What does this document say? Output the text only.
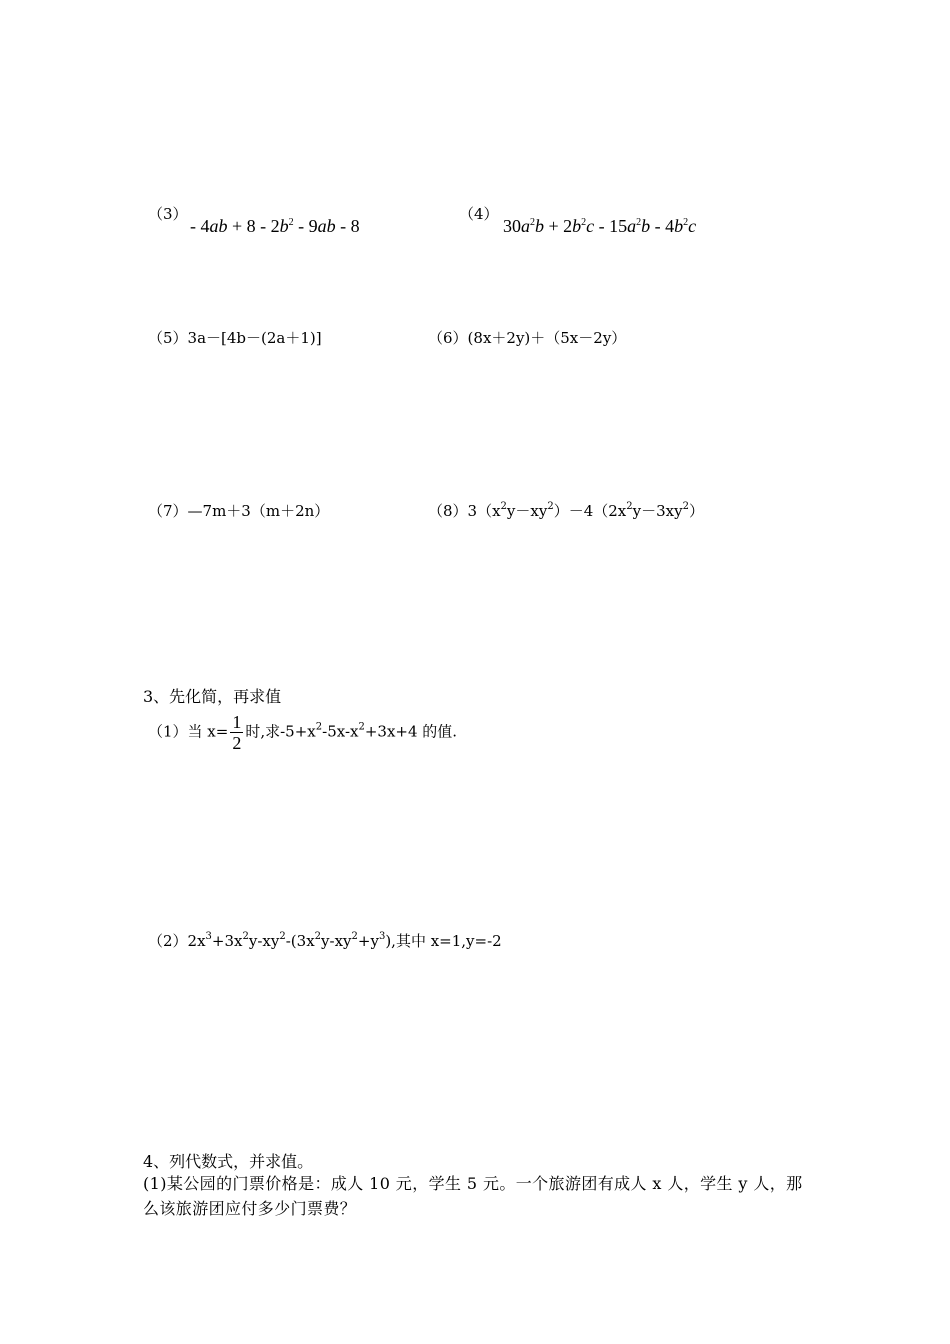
（3）
- $4ab + 8 - 2b^2 - 9ab - 8$
（4）
$30a^2b + 2b^2c - 15a^2b - 4b^2c$
（5）3a－[4b－(2a＋1)]	（6）(8x＋2y)＋（5x－2y）
（7）—7m＋3（m＋2n）	$(8)3(x^2y-xy^2)-4(2x^2y-3xy^2)$
3、先化简，再求值
（1）当 $x= \frac{1}{2}$ 时,求$-5+x^2-5x-x^2+3x+4$ 的值.
$(2)2x^3+3x^2y-xy^2-(3x^2y-xy^2+y^3)$,其中 x=1,y=-2
4、列代数式，并求值。
(1)某公园的门票价格是：成人 10 元，学生 5 元。一个旅游团有成人 x 人，学生 y 人，那么该旅游团应付多少门票费？
